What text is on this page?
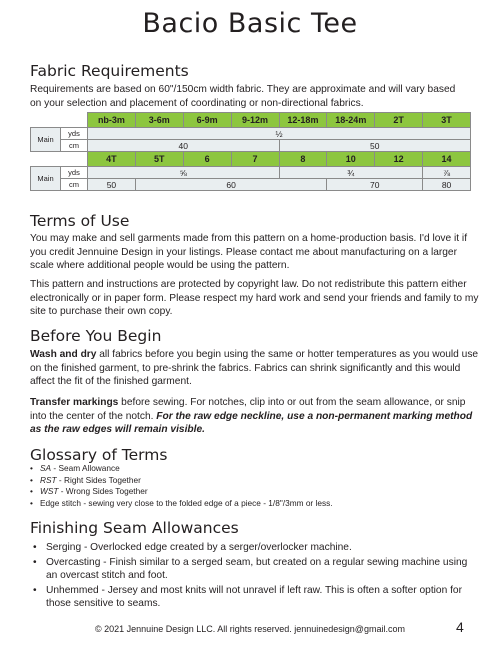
Bacio Basic Tee
Fabric Requirements
Requirements are based on 60"/150cm width fabric. They are approximate and will vary based
on your selection and placement of coordinating or non-directional fabrics.
		nb-3m	3-6m	6-9m	9-12m	12-18m	18-24m	2T	3T
Main	yds	½							
	cm	40				50			
		4T	5T	6	7	8	10	12	14
Main	yds	⅝				¾			⅞
	cm	50	60				70		80
Terms of Use
You may make and sell garments made from this pattern on a home-production basis. I'd love it if you credit Jennuine Design in your listings. Please contact me about manufacturing on a larger scale where additional people would be using the pattern.
This pattern and instructions are protected by copyright law. Do not redistribute this pattern either electronically or in paper form. Please respect my hard work and send your friends and family to my site to purchase their own copy.
Before You Begin
Wash and dry all fabrics before you begin using the same or hotter temperatures as you would use on the finished garment, to pre-shrink the fabrics. Fabrics can shrink significantly and this would affect the fit of the finished garment.
Transfer markings before sewing. For notches, clip into or out from the seam allowance, or snip into the center of the notch. For the raw edge neckline, use a non-permanent marking method as the raw edges will remain visible.
Glossary of Terms
• SA - Seam Allowance
• RST - Right Sides Together
• WST - Wrong Sides Together
• Edge stitch - sewing very close to the folded edge of a piece - 1/8"/3mm or less.
Finishing Seam Allowances
• Serging - Overlocked edge created by a serger/overlocker machine.
• Overcasting - Finish similar to a serged seam, but created on a regular sewing machine using an overcast stitch and foot.
• Unhemmed - Jersey and most knits will not unravel if left raw. This is often a softer option for those sensitive to seams.
© 2021 Jennuine Design LLC. All rights reserved. jennuinedesign@gmail.com	4
